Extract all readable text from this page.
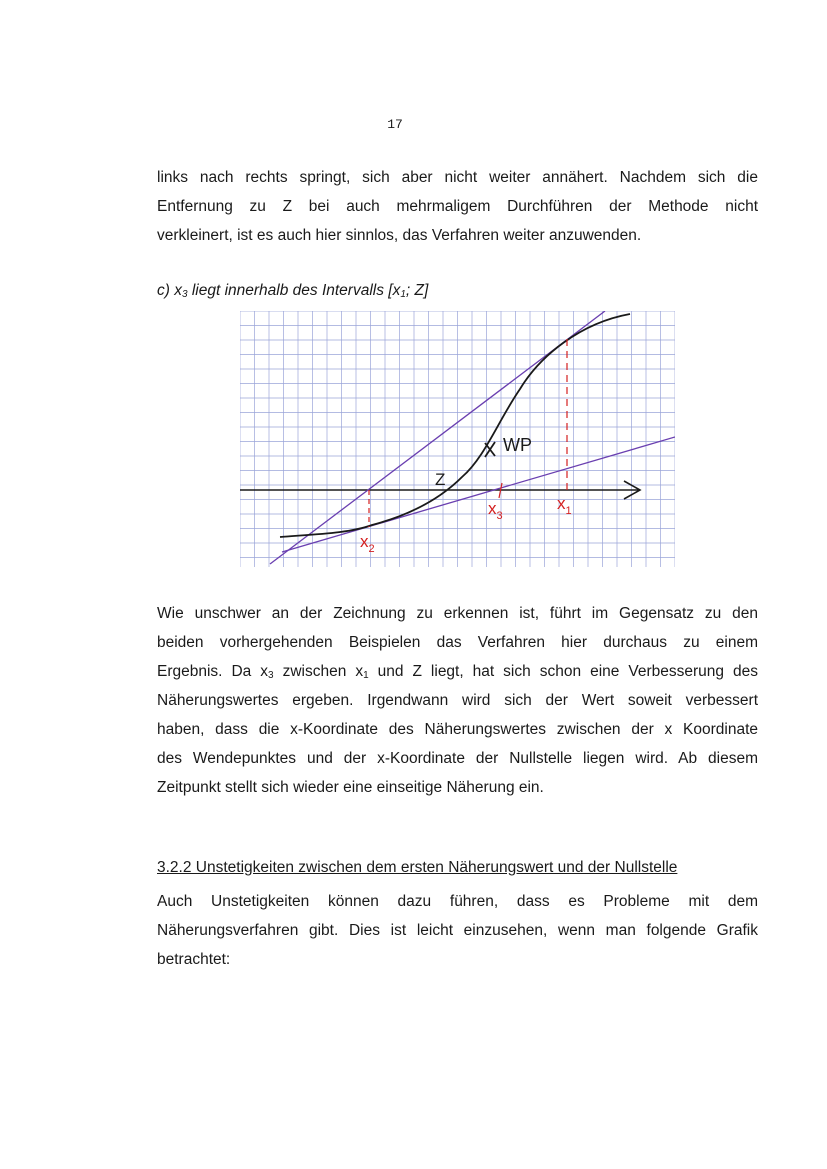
17
links nach rechts springt, sich aber nicht weiter annähert. Nachdem sich die
Entfernung zu Z bei auch mehrmaligem Durchführen der Methode nicht
verkleinert, ist es auch hier sinnlos, das Verfahren weiter anzuwenden.
c) $x_3$ liegt innerhalb des Intervalls [$x_1$; Z]
WP
Z
$x_1$
$x_3$
$x_2$
Wie unschwer an der Zeichnung zu erkennen ist, führt im Gegensatz zu den
beiden vorhergehenden Beispielen das Verfahren hier durchaus zu einem
Ergebnis. Da $x_3$ zwischen $x_1$ und Z liegt, hat sich schon eine Verbesserung des
Näherungswertes ergeben. Irgendwann wird sich der Wert soweit verbessert
haben, dass die x-Koordinate des Näherungswertes zwischen der x Koordinate
des Wendepunktes und der x-Koordinate der Nullstelle liegen wird. Ab diesem
Zeitpunkt stellt sich wieder eine einseitige Näherung ein.
3.2.2 Unstetigkeiten zwischen dem ersten Näherungswert und der Nullstelle
Auch Unstetigkeiten können dazu führen, dass es Probleme mit dem
Näherungsverfahren gibt. Dies ist leicht einzusehen, wenn man folgende Grafik
betrachtet:
